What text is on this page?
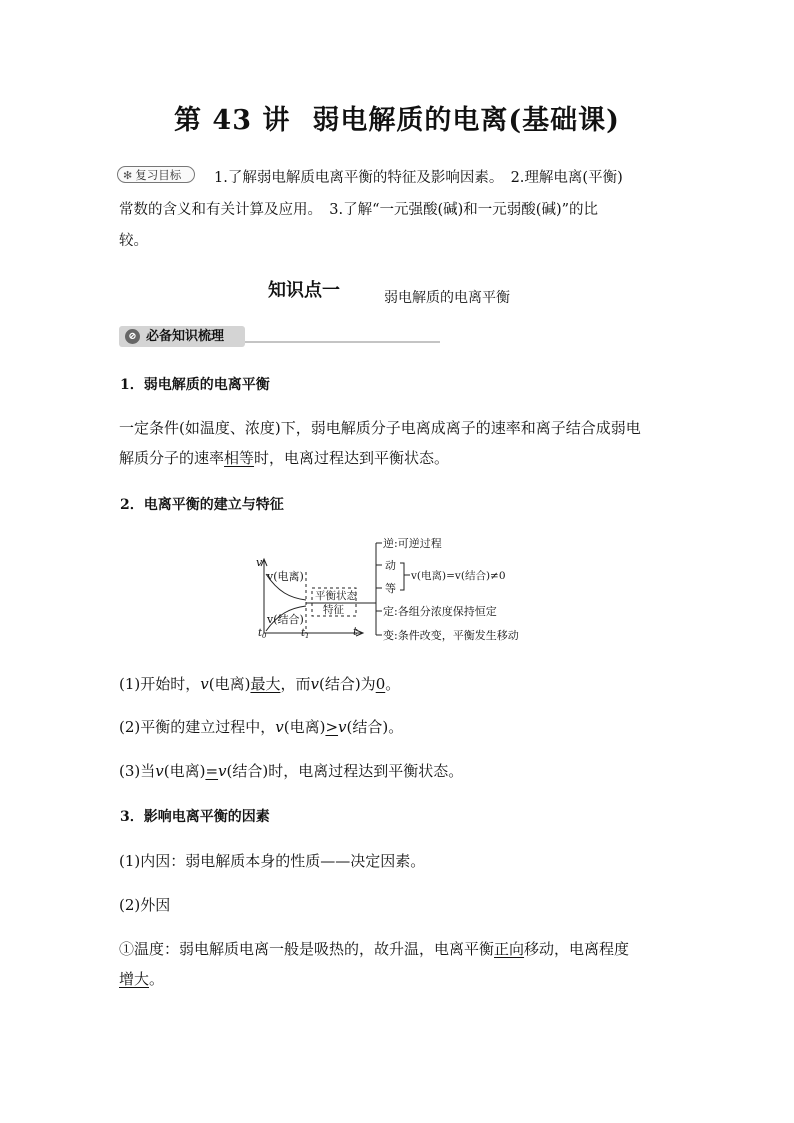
第 43 讲 弱电解质的电离(基础课)
✻ 复习目标	1.了解弱电解质电离平衡的特征及影响因素。　2.理解电离(平衡)
常数的含义和有关计算及应用。　3.了解“一元强酸(碱)和一元弱酸(碱)”的比
较。
知识点一	弱电解质的电离平衡
⊘ 必备知识梳理
1．弱电解质的电离平衡
一定条件(如温度、浓度)下，弱电解质分子电离成离子的速率和离子结合成弱电
解质分子的速率相等时，电离过程达到平衡状态。
2．电离平衡的建立与特征
v
t
v(电离)
v(结合)
$t_0$	$t_1$
平衡状态
特征
逆:可逆过程
动
等
v(电离)=v(结合)≠0
定:各组分浓度保持恒定
变:条件改变，平衡发生移动
(1)开始时，v(电离)最大，而v(结合)为0。
(2)平衡的建立过程中，v(电离)>v(结合)。
(3)当v(电离)=v(结合)时，电离过程达到平衡状态。
3．影响电离平衡的因素
(1)内因：弱电解质本身的性质——决定因素。
(2)外因
①温度：弱电解质电离一般是吸热的，故升温，电离平衡正向移动，电离程度
增大。
